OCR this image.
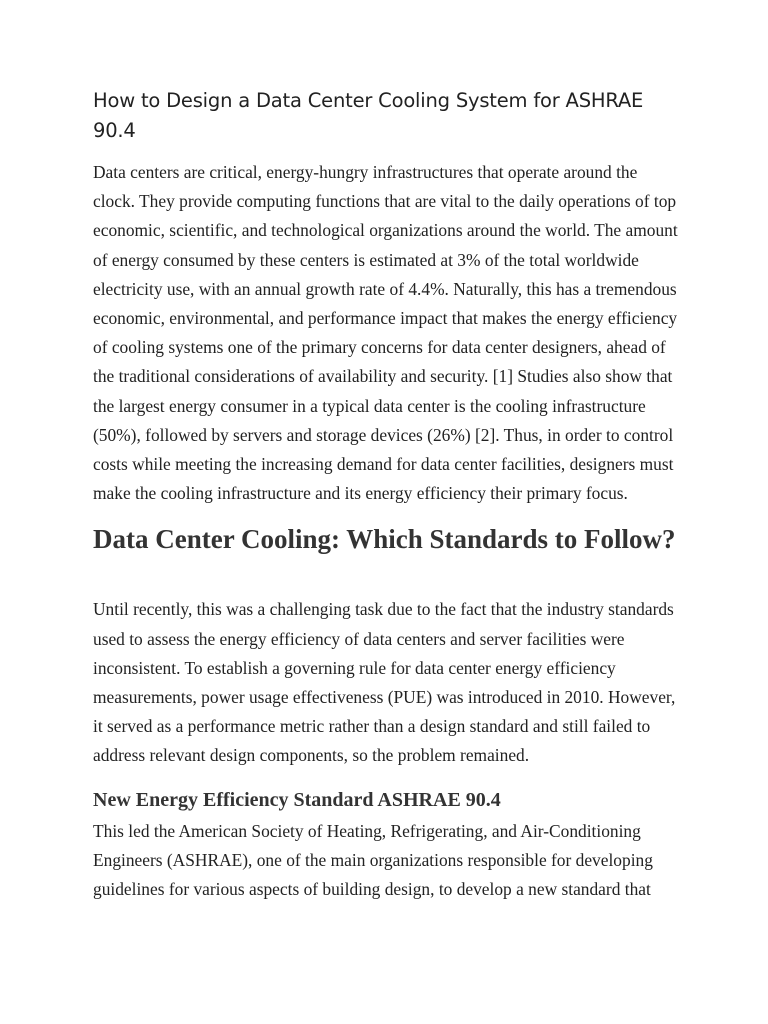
How to Design a Data Center Cooling System for ASHRAE 90.4

Data centers are critical, energy-hungry infrastructures that operate around the clock. They provide computing functions that are vital to the daily operations of top economic, scientific, and technological organizations around the world. The amount of energy consumed by these centers is estimated at 3% of the total worldwide electricity use, with an annual growth rate of 4.4%. Naturally, this has a tremendous economic, environmental, and performance impact that makes the energy efficiency of cooling systems one of the primary concerns for data center designers, ahead of the traditional considerations of availability and security. [1] Studies also show that the largest energy consumer in a typical data center is the cooling infrastructure (50%), followed by servers and storage devices (26%) [2]. Thus, in order to control costs while meeting the increasing demand for data center facilities, designers must make the cooling infrastructure and its energy efficiency their primary focus.

Data Center Cooling: Which Standards to Follow?

Until recently, this was a challenging task due to the fact that the industry standards used to assess the energy efficiency of data centers and server facilities were inconsistent. To establish a governing rule for data center energy efficiency measurements, power usage effectiveness (PUE) was introduced in 2010. However, it served as a performance metric rather than a design standard and still failed to address relevant design components, so the problem remained.

New Energy Efficiency Standard ASHRAE 90.4

This led the American Society of Heating, Refrigerating, and Air-Conditioning Engineers (ASHRAE), one of the main organizations responsible for developing guidelines for various aspects of building design, to develop a new standard that
